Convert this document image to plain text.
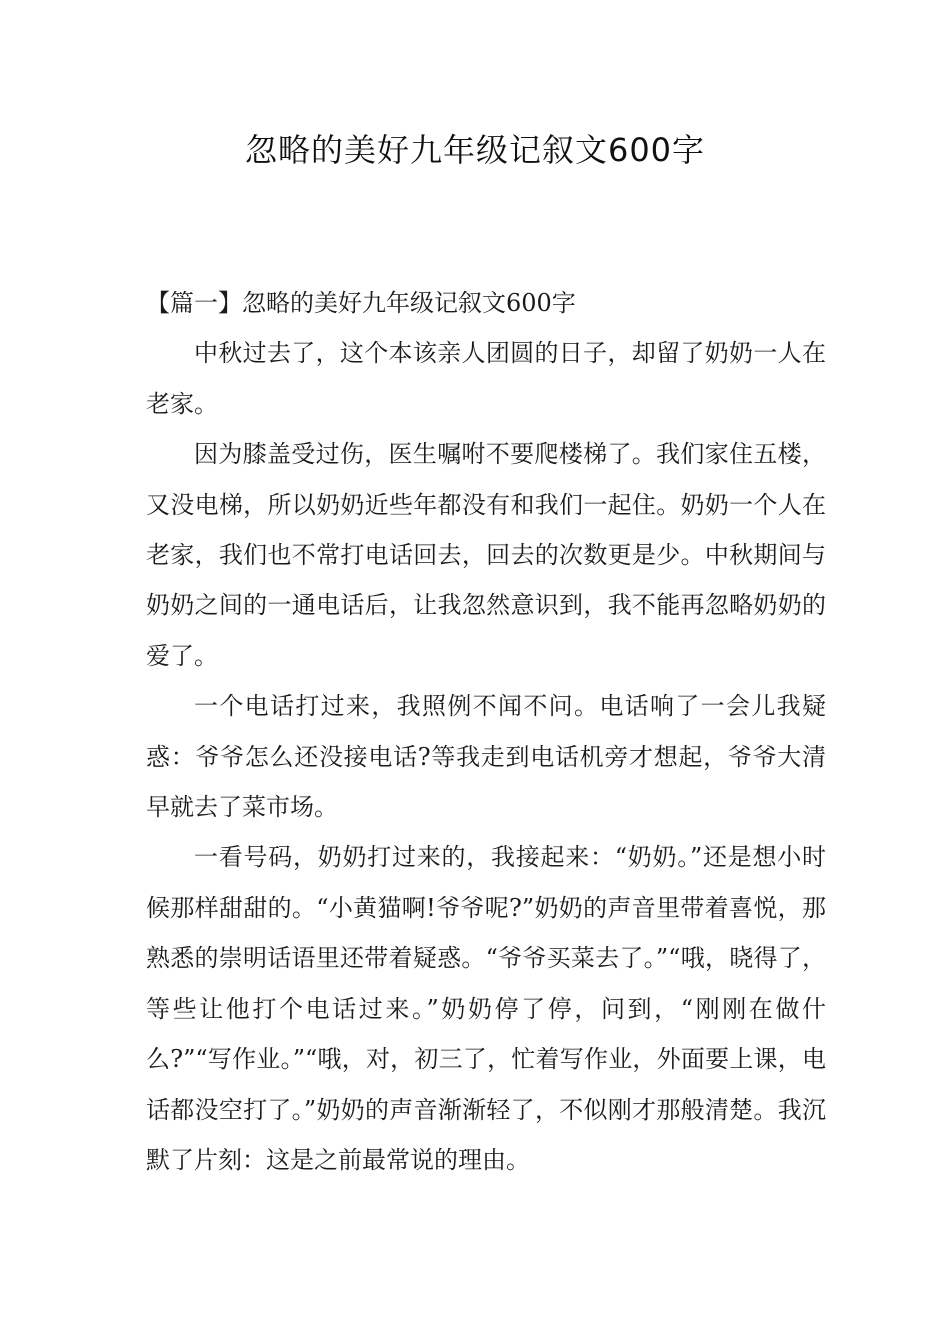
忽略的美好九年级记叙文600字
【篇一】忽略的美好九年级记叙文600字

中秋过去了，这个本该亲人团圆的日子，却留了奶奶一人在老家。

因为膝盖受过伤，医生嘱咐不要爬楼梯了。我们家住五楼，又没电梯，所以奶奶近些年都没有和我们一起住。奶奶一个人在老家，我们也不常打电话回去，回去的次数更是少。中秋期间与奶奶之间的一通电话后，让我忽然意识到，我不能再忽略奶奶的爱了。

一个电话打过来，我照例不闻不问。电话响了一会儿我疑惑：爷爷怎么还没接电话?等我走到电话机旁才想起，爷爷大清早就去了菜市场。

一看号码，奶奶打过来的，我接起来：“奶奶。”还是想小时候那样甜甜的。“小黄猫啊!爷爷呢?”奶奶的声音里带着喜悦，那熟悉的崇明话语里还带着疑惑。“爷爷买菜去了。”“哦，晓得了，等些让他打个电话过来。”奶奶停了停，问到，“刚刚在做什么?”“写作业。”“哦，对，初三了，忙着写作业，外面要上课，电话都没空打了。”奶奶的声音渐渐轻了，不似刚才那般清楚。我沉默了片刻：这是之前最常说的理由。
